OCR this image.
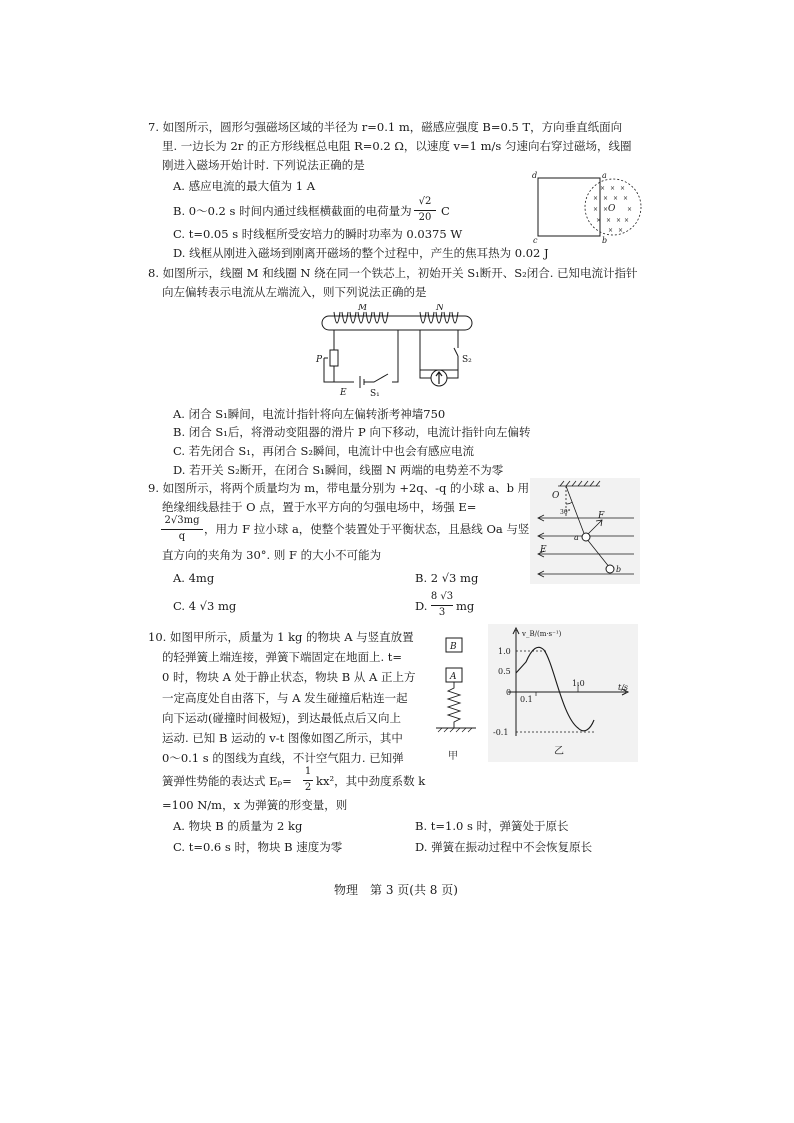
7. 如图所示，圆形匀强磁场区域的半径为 r=0.1 m，磁感应强度 B=0.5 T，方向垂直纸面向
里. 一边长为 2r 的正方形线框总电阻 R=0.2 Ω，以速度 v=1 m/s 匀速向右穿过磁场，线圈
刚进入磁场开始计时. 下列说法正确的是
A. 感应电流的最大值为 1 A
B. 0～0.2 s 时间内通过线框横截面的电荷量为
√2
20 C
C. t=0.05 s 时线框所受安培力的瞬时功率为 0.0375 W
D. 线框从刚进入磁场到刚离开磁场的整个过程中，产生的焦耳热为 0.02 J
d	a
c	b
O
× × ×
× × × ×
× ×	×
× × × ×
× ×
8. 如图所示，线圈 M 和线圈 N 绕在同一个铁芯上，初始开关 S₁断开、S₂闭合. 已知电流计指针
向左偏转表示电流从左端流入，则下列说法正确的是
M	N
P
E	S₁
S₂
A. 闭合 S₁瞬间，电流计指针将向左偏转浙考神墙750
B. 闭合 S₁后，将滑动变阻器的滑片 P 向下移动，电流计指针向左偏转
C. 若先闭合 S₁，再闭合 S₂瞬间，电流计中也会有感应电流
D. 若开关 S₂断开，在闭合 S₁瞬间，线圈 N 两端的电势差不为零
9. 如图所示，将两个质量均为 m，带电量分别为 +2q、-q 的小球 a、b 用
绝缘细线悬挂于 O 点，置于水平方向的匀强电场中，场强 E=
2√3mg
q
，用力 F 拉小球 a，使整个装置处于平衡状态，且悬线 Oa 与竖
直方向的夹角为 30°. 则 F 的大小不可能为
A. 4mg	B. 2 √3 mg
C. 4 √3 mg	D.
8 √3
3 mg
O
30°	F
a
b
E
10. 如图甲所示，质量为 1 kg 的物块 A 与竖直放置
的轻弹簧上端连接，弹簧下端固定在地面上. t=
0 时，物块 A 处于静止状态，物块 B 从 A 正上方
一定高度处自由落下，与 A 发生碰撞后粘连一起
向下运动(碰撞时间极短)，到达最低点后又向上
运动. 已知 B 运动的 v-t 图像如图乙所示，其中
0～0.1 s 的图线为直线，不计空气阻力. 已知弹
簧弹性势能的表达式 Eₚ=
1
2 kx²，其中劲度系数 k
=100 N/m，x 为弹簧的形变量，则
A. 物块 B 的质量为 2 kg	B. t=1.0 s 时，弹簧处于原长
C. t=0.6 s 时，物块 B 速度为零	D. 弹簧在振动过程中不会恢复原长
B
A
甲
v_B/(m·s⁻¹)
t/s
1.0
0.5
0
-0.1
0.1
1.0
乙
物理　第 3 页(共 8 页)
